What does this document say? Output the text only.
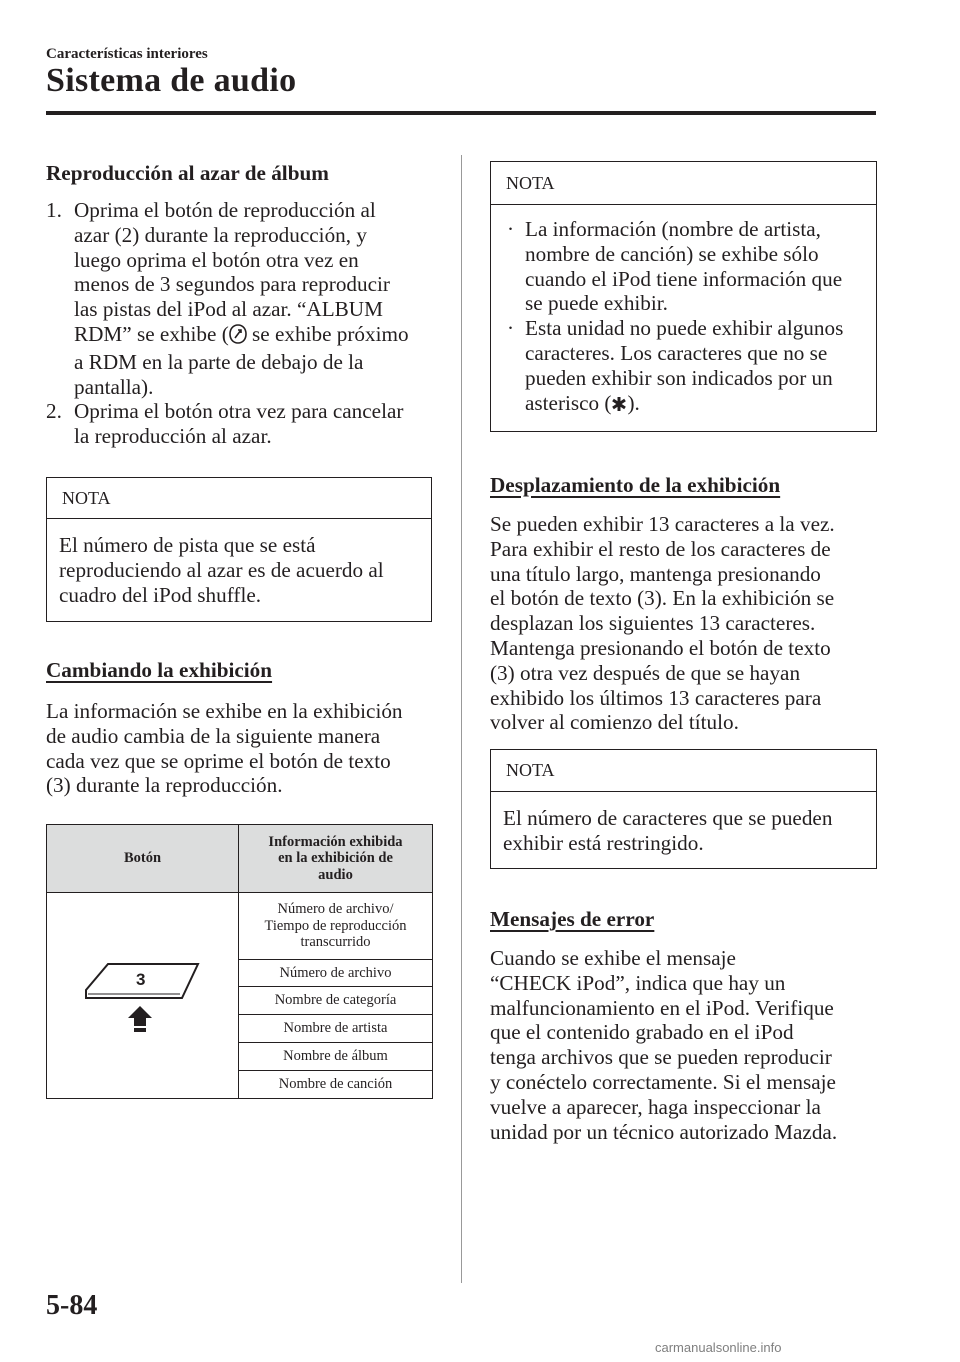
Características interiores
Sistema de audio
Reproducción al azar de álbum
1. Oprima el botón de reproducción al
azar (2) durante la reproducción, y
luego oprima el botón otra vez en
menos de 3 segundos para reproducir
las pistas del iPod al azar. “ALBUM
RDM” se exhibe ( se exhibe próximo
a RDM en la parte de debajo de la
pantalla).
2. Oprima el botón otra vez para cancelar
la reproducción al azar.
NOTA
El número de pista que se está
reproduciendo al azar es de acuerdo al
cuadro del iPod shuffle.
Cambiando la exhibición
La información se exhibe en la exhibición
de audio cambia de la siguiente manera
cada vez que se oprime el botón de texto
(3) durante la reproducción.
Botón	Información exhibida
en la exhibición de
audio

3	Número de archivo/
Tiempo de reproducción
transcurrido

	Número de archivo
	Nombre de categoría
	Nombre de artista
	Nombre de álbum
	Nombre de canción
NOTA
· La información (nombre de artista,
nombre de canción) se exhibe sólo
cuando el iPod tiene información que
se puede exhibir.
· Esta unidad no puede exhibir algunos
caracteres. Los caracteres que no se
pueden exhibir son indicados por un
asterisco ( ).
Desplazamiento de la exhibición
Se pueden exhibir 13 caracteres a la vez.
Para exhibir el resto de los caracteres de
una título largo, mantenga presionando
el botón de texto (3). En la exhibición se
desplazan los siguientes 13 caracteres.
Mantenga presionando el botón de texto
(3) otra vez después de que se hayan
exhibido los últimos 13 caracteres para
volver al comienzo del título.
NOTA
El número de caracteres que se pueden
exhibir está restringido.
Mensajes de error
Cuando se exhibe el mensaje
“CHECK iPod”, indica que hay un
malfuncionamiento en el iPod. Verifique
que el contenido grabado en el iPod
tenga archivos que se pueden reproducir
y conéctelo correctamente. Si el mensaje
vuelve a aparecer, haga inspeccionar la
unidad por un técnico autorizado Mazda.
5-84
carmanualsonline.info
